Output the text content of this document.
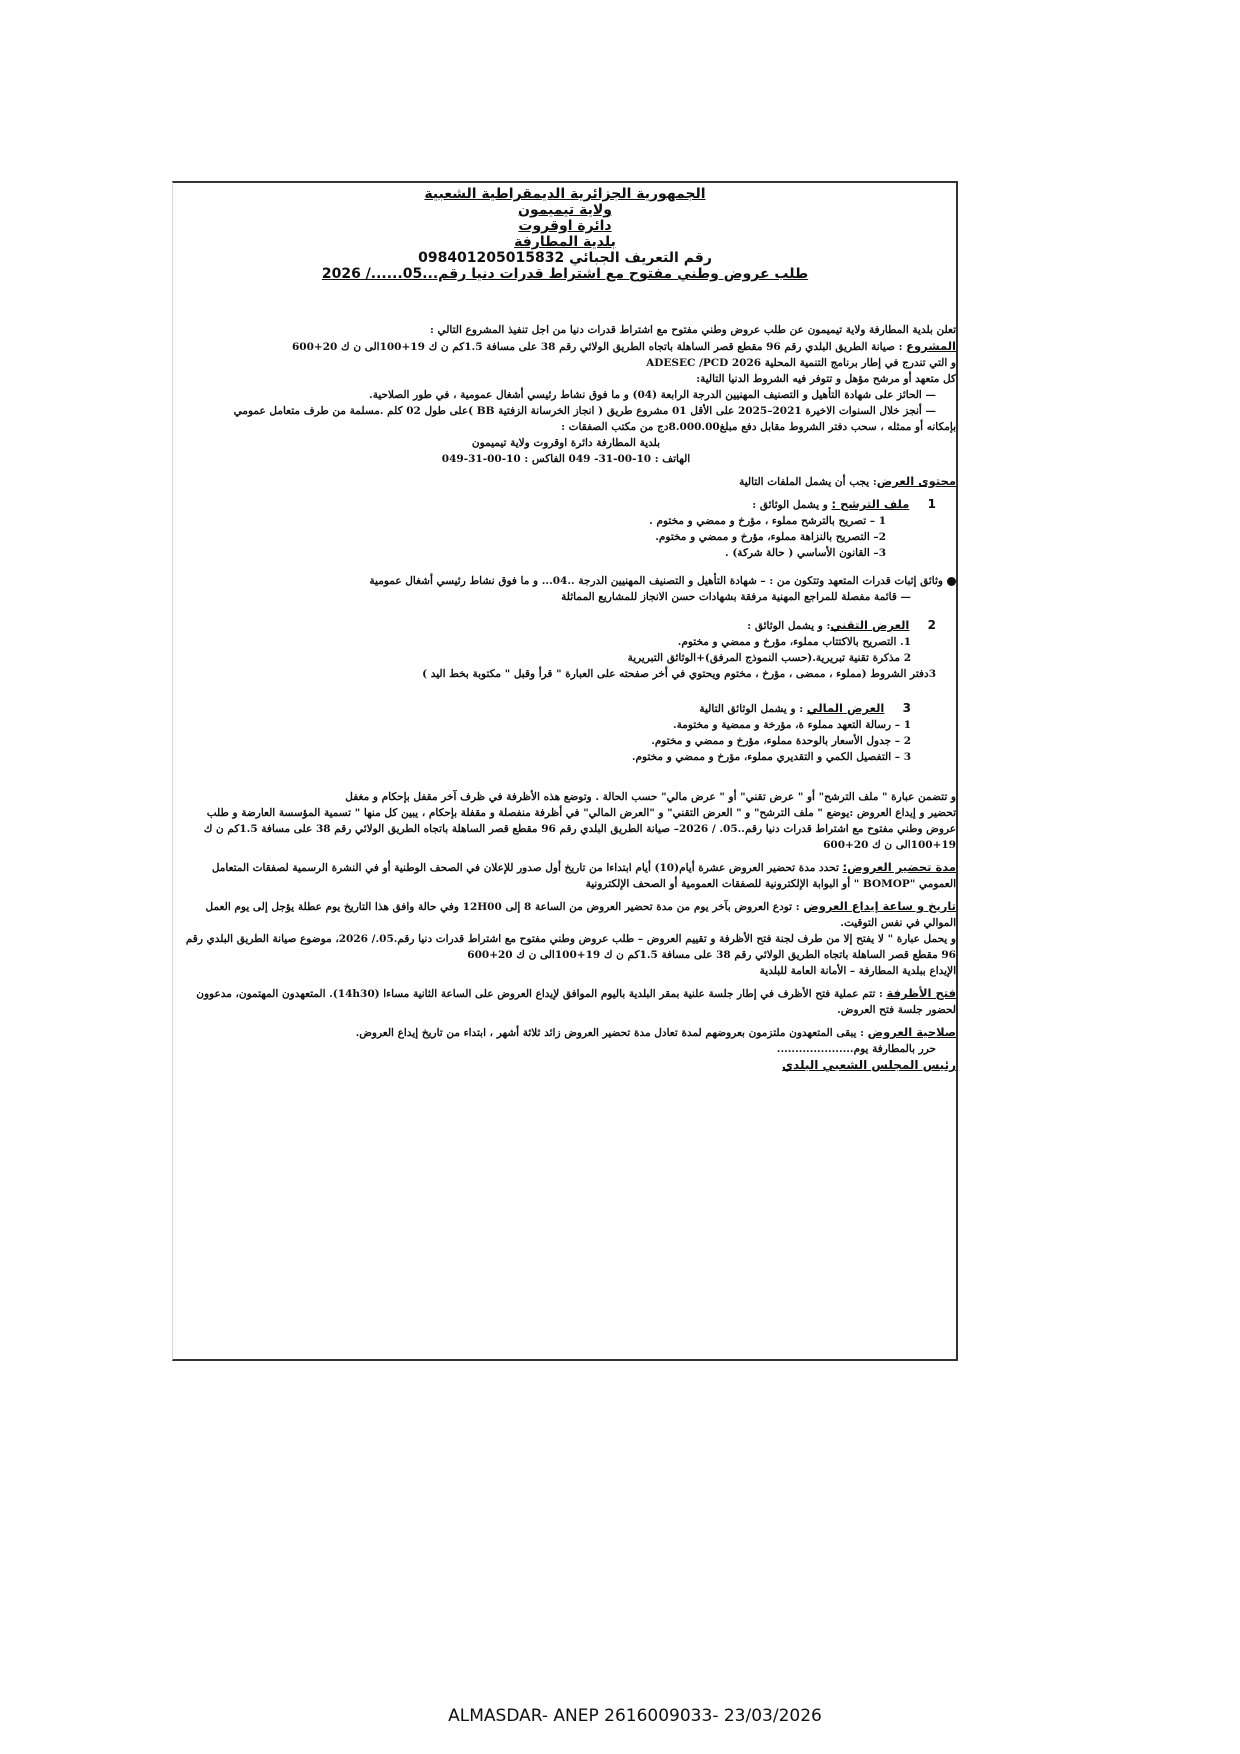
الجمهورية الجزائرية الديمقراطية الشعبية
ولاية تيميمون
دائرة اوقروت
بلدية المطارفة
رقم التعريف الجبائي 098401205015832
طلب عروض وطني مفتوح مع اشتراط قدرات دنيا رقم...05....../ 2026

تعلن بلدية المطارفة ولاية تيميمون عن طلب عروض وطني مفتوح مع اشتراط قدرات دنيا من اجل تنفيذ المشروع التالي :

المشروع : صيانة الطريق البلدي رقم 96 مقطع قصر الساهلة باتجاه الطريق الولائي رقم 38 على مسافة 1.5كم ن ك 19+100الى ن ك 20+600

و التي تندرج في إطار برنامج التنمية المحلية ADESEC /PCD 2026

كل متعهد أو مرشح مؤهل و تتوفر فيه الشروط الدنيا التالية:

— الحائز على شهادة التأهيل و التصنيف المهنيين الدرجة الرابعة (04) و ما فوق نشاط رئيسي أشغال عمومية ، في طور الصلاحية.

— أنجز خلال السنوات الاخيرة 2021–2025 على الأقل 01 مشروع طريق ( انجاز الخرسانة الزفتية BB )على طول 02 كلم .مسلمة من طرف متعامل عمومي

بإمكانه أو ممثله ، سحب دفتر الشروط مقابل دفع مبلغ8.000.00دج من مكتب الصفقات :

بلدية المطارفة دائرة اوقروت ولاية تيميمون

الهاتف : 10-00-31- 049 الفاكس : 10-00-31-049

محتوى العرض: يجب أن يشمل الملفات التالية

1     ملف الترشح : و يشمل الوثائق :

1 – تصريح بالترشح مملوء ، مؤرخ و ممضي و مختوم .

2– التصريح بالنزاهة مملوء، مؤرخ و ممضي و مختوم.

3– القانون الأساسي ( حالة شركة) .

وثائق إثبات قدرات المتعهد وتتكون من : – شهادة التأهيل و التصنيف المهنيين الدرجة ..04... و ما فوق نشاط رئيسي أشغال عمومية

— قائمة مفصلة للمراجع المهنية مرفقة بشهادات حسن الانجاز للمشاريع المماثلة

2     العرض التقني: و يشمل الوثائق :

1. التصريح بالاكتتاب مملوء، مؤرخ و ممضي و مختوم.

2 مذكرة تقنية تبريرية.(حسب النموذج المرفق)+الوثائق التبريرية

3دفتر الشروط (مملوء ، ممضى ، مؤرخ ، مختوم ويحتوي في أخر صفحته على العبارة " قرأ وقبل " مكتوبة بخط اليد )

3     العرض المالي : و يشمل الوثائق التالية

1 – رسالة التعهد مملوء ة، مؤرخة و ممضية و مختومة.

2 – جدول الأسعار بالوحدة مملوء، مؤرخ و ممضي و مختوم.

3 – التفصيل الكمي و التقديري مملوء، مؤرخ و ممضي و مختوم.

و تتضمن عبارة " ملف الترشح" أو " عرض تقني" أو " عرض مالي" حسب الحالة . وتوضع هذه الأظرفة في ظرف آخر مقفل بإحكام و مغفل

تحضير و إيداع العروض :يوضع " ملف الترشح" و " العرض التقني" و "العرض المالي" في أظرفة منفصلة و مقفلة بإحكام ، يبين كل منها " تسمية المؤسسة العارضة و طلب عروض وطني مفتوح مع اشتراط قدرات دنيا رقم..05. / 2026– صيانة الطريق البلدي رقم 96 مقطع قصر الساهلة باتجاه الطريق الولائي رقم 38 على مسافة 1.5كم ن ك 19+100الى ن ك 20+600

مدة تحضير العروض: تحدد مدة تحضير العروض عشرة أيام(10) أيام ابتداءا من تاريخ أول صدور للإعلان في الصحف الوطنية أو في النشرة الرسمية لصفقات المتعامل العمومي "BOMOP " أو البوابة الإلكترونية للصفقات العمومية أو الصحف الإلكترونية

تاريخ و ساعة إيداع العروض : تودع العروض بآخر يوم من مدة تحضير العروض من الساعة 8 إلى 12H00 وفي حالة وافق هذا التاريخ يوم عطلة يؤجل إلى يوم العمل الموالي في نفس التوقيت.

و يحمل عبارة " لا يفتح إلا من طرف لجنة فتح الأظرفة و تقييم العروض – طلب عروض وطني مفتوح مع اشتراط قدرات دنيا رقم.05./ 2026، موضوع صيانة الطريق البلدي رقم 96 مقطع قصر الساهلة باتجاه الطريق الولائي رقم 38 على مسافة 1.5كم ن ك 19+100الى ن ك 20+600

الإيداع ببلدية المطارفة – الأمانة العامة للبلدية

فتح الأظرفة : تتم عملية فتح الأظرف في إطار جلسة علنية بمقر البلدية باليوم الموافق لإيداع العروض على الساعة الثانية مساءا (14h30). المتعهدون المهتمون، مدعوون لحضور جلسة فتح العروض.

صلاحية العروض : يبقى المتعهدون ملتزمون بعروضهم لمدة تعادل مدة تحضير العروض زائد ثلاثة أشهر ، ابتداء من تاريخ إيداع العروض.

حرر بالمطارفة يوم.....................

رئيس المجلس الشعبي البلدي

ALMASDAR- ANEP 2616009033- 23/03/2026
